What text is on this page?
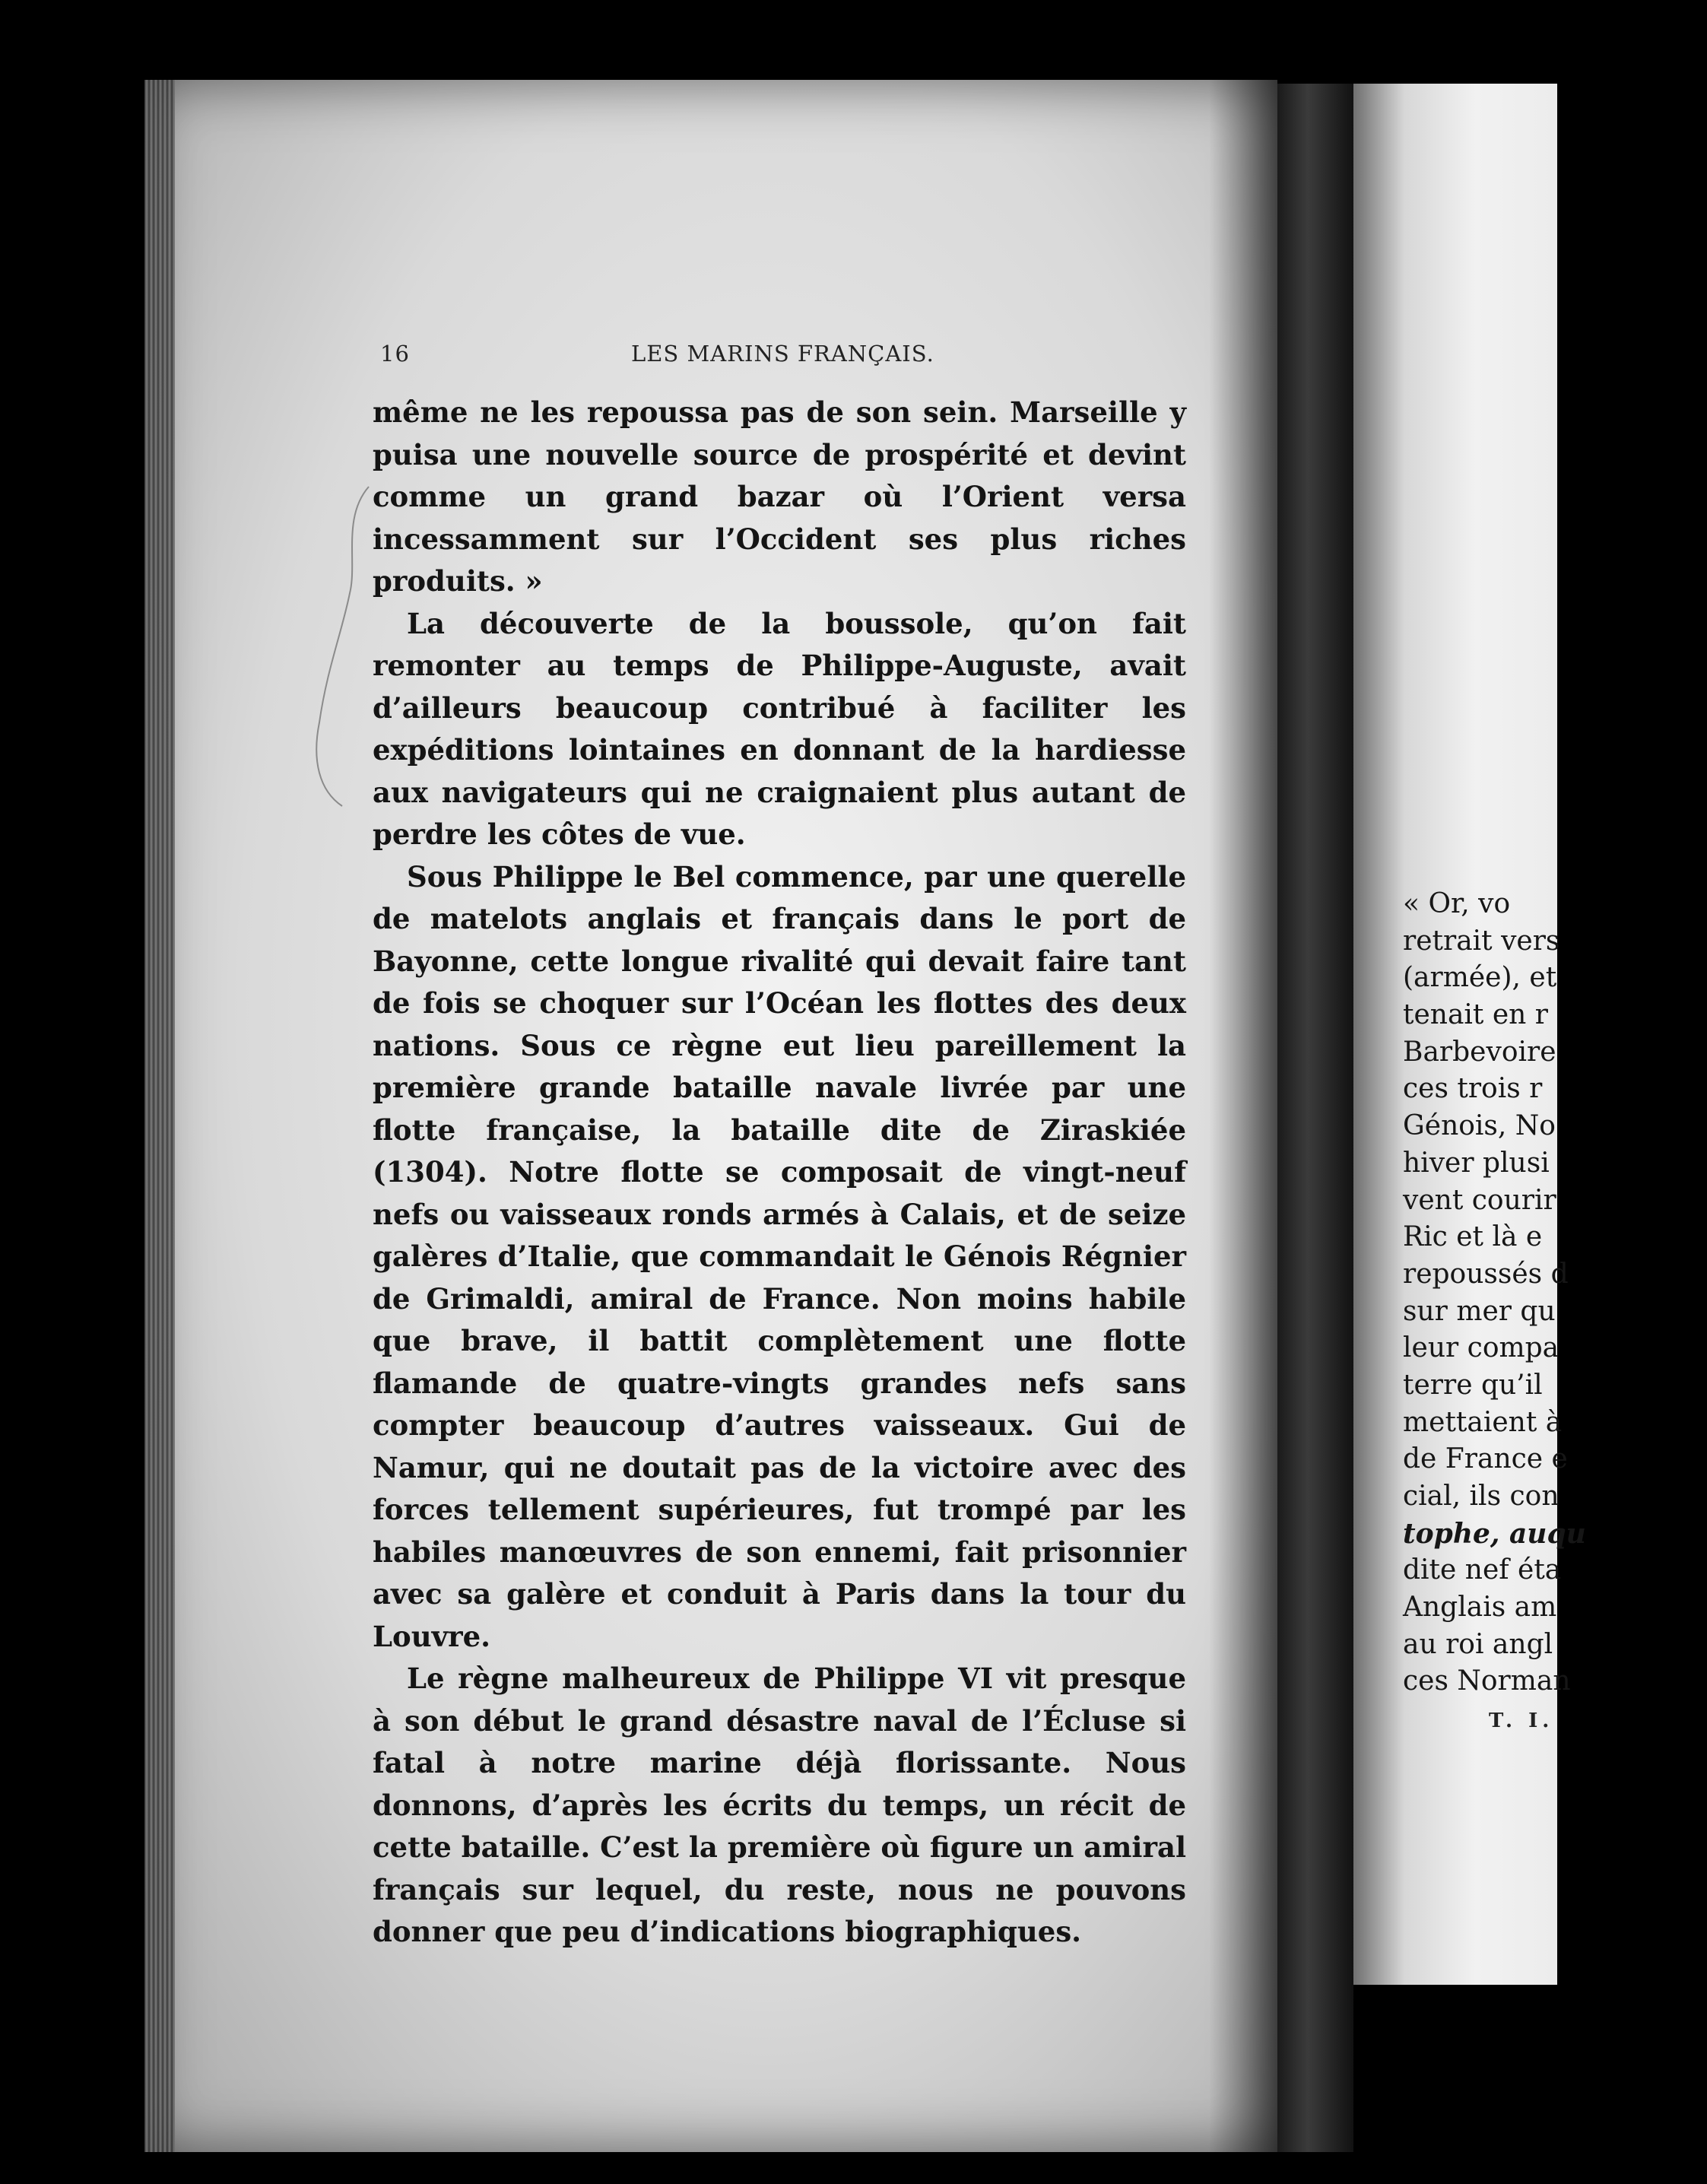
16	LES MARINS FRANÇAIS.

même ne les repoussa pas de son sein. Marseille y puisa une nouvelle source de prospérité et devint comme un grand bazar où l’Orient versa incessamment sur l’Occident ses plus riches produits. »

La découverte de la boussole, qu’on fait remonter au temps de Philippe-Auguste, avait d’ailleurs beaucoup contribué à faciliter les expéditions lointaines en donnant de la hardiesse aux navigateurs qui ne craignaient plus autant de perdre les côtes de vue.

Sous Philippe le Bel commence, par une querelle de matelots anglais et français dans le port de Bayonne, cette longue rivalité qui devait faire tant de fois se choquer sur l’Océan les flottes des deux nations. Sous ce règne eut lieu pareillement la première grande bataille navale livrée par une flotte française, la bataille dite de Ziraskiée (1304). Notre flotte se composait de vingt-neuf nefs ou vaisseaux ronds armés à Calais, et de seize galères d’Italie, que commandait le Génois Régnier de Grimaldi, amiral de France. Non moins habile que brave, il battit complètement une flotte flamande de quatre-vingts grandes nefs sans compter beaucoup d’autres vaisseaux. Gui de Namur, qui ne doutait pas de la victoire avec des forces tellement supérieures, fut trompé par les habiles manœuvres de son ennemi, fait prisonnier avec sa galère et conduit à Paris dans la tour du Louvre.

Le règne malheureux de Philippe VI vit presque à son début le grand désastre naval de l’Écluse si fatal à notre marine déjà florissante. Nous donnons, d’après les écrits du temps, un récit de cette bataille. C’est la première où figure un amiral français sur lequel, du reste, nous ne pouvons donner que peu d’indications biographiques.

« Or, vo
retrait vers
(armée), et
tenait en r
Barbevoire
ces trois r
Génois, No
hiver plusi
vent courir
Ric et là e
repoussés d
sur mer qu
leur compa
terre qu’il
mettaient à
de France e
cial, ils con
tophe, auqu
dite nef éta
Anglais am
au roi angl
ces Norman
T. I.
